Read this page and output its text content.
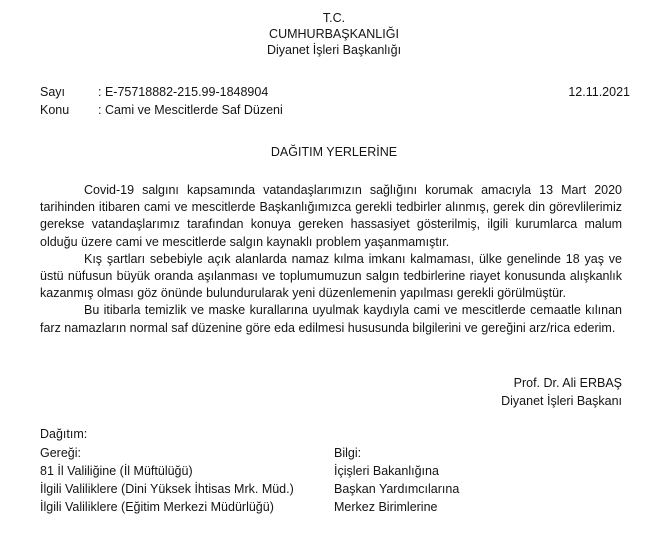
T.C.
CUMHURBAŞKANLIĞI
Diyanet İşleri Başkanlığı
Sayı	: E-75718882-215.99-1848904	12.11.2021
Konu : Cami ve Mescitlerde Saf Düzeni
DAĞITIM YERLERİNE

Covid-19 salgını kapsamında vatandaşlarımızın sağlığını korumak amacıyla 13 Mart 2020 tarihinden itibaren cami ve mescitlerde Başkanlığımızca gerekli tedbirler alınmış, gerek din görevlilerimiz gerekse vatandaşlarımız tarafından konuya gereken hassasiyet gösterilmiş, ilgili kurumlarca malum olduğu üzere cami ve mescitlerde salgın kaynaklı problem yaşanmamıştır.

Kış şartları sebebiyle açık alanlarda namaz kılma imkanı kalmaması, ülke genelinde 18 yaş ve üstü nüfusun büyük oranda aşılanması ve toplumumuzun salgın tedbirlerine riayet konusunda alışkanlık kazanmış olması göz önünde bulundurularak yeni düzenlemenin yapılması gerekli görülmüştür.

Bu itibarla temizlik ve maske kurallarına uyulmak kaydıyla cami ve mescitlerde cemaatle kılınan farz namazların normal saf düzenine göre eda edilmesi hususunda bilgilerini ve gereğini arz/rica ederim.

Prof. Dr. Ali ERBAŞ
Diyanet İşleri Başkanı
Dağıtım:
Gereği:
81 İl Valiliğine (İl Müftülüğü)
İlgili Valiliklere (Dini Yüksek İhtisas Mrk. Müd.)
İlgili Valiliklere (Eğitim Merkezi Müdürlüğü)
Bilgi:
İçişleri Bakanlığına
Başkan Yardımcılarına
Merkez Birimlerine
